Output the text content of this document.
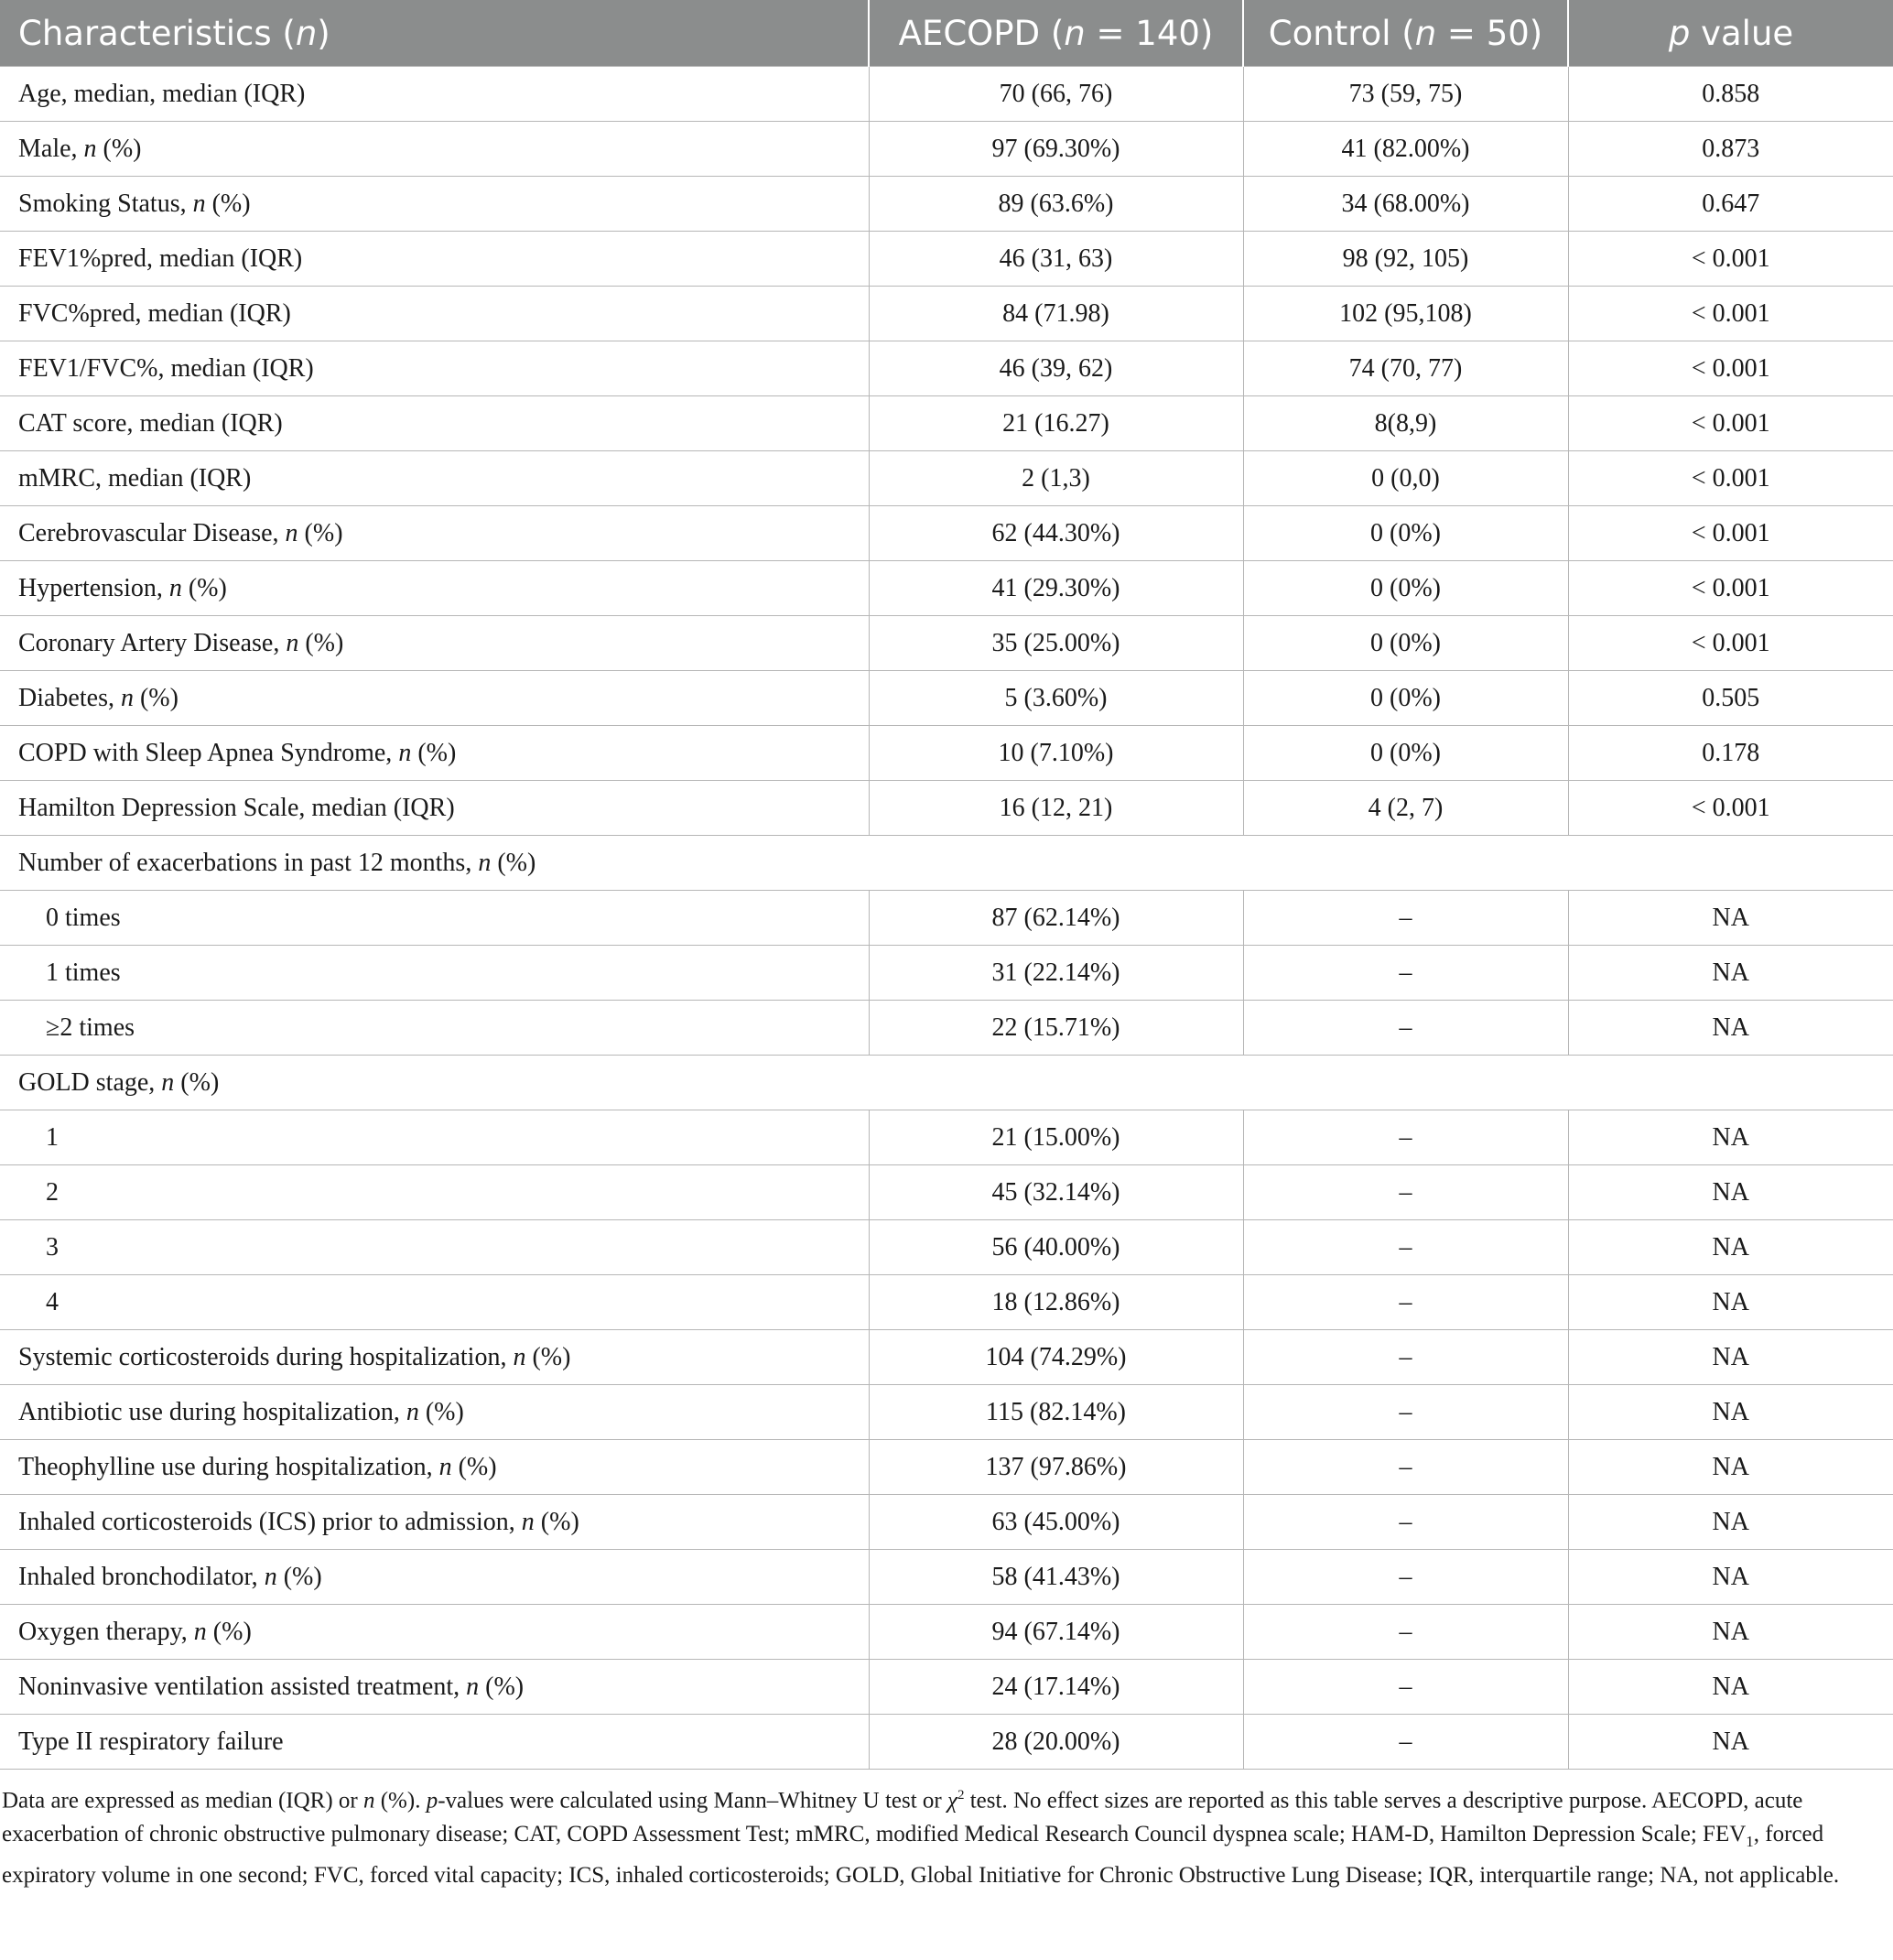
Characteristics (n)	AECOPD (n = 140)	Control (n = 50)	p value
Age, median, median (IQR)	70 (66, 76)	73 (59, 75)	0.858
Male, n (%)	97 (69.30%)	41 (82.00%)	0.873
Smoking Status, n (%)	89 (63.6%)	34 (68.00%)	0.647
FEV1%pred, median (IQR)	46 (31, 63)	98 (92, 105)	< 0.001
FVC%pred, median (IQR)	84 (71.98)	102 (95,108)	< 0.001
FEV1/FVC%, median (IQR)	46 (39, 62)	74 (70, 77)	< 0.001
CAT score, median (IQR)	21 (16.27)	8(8,9)	< 0.001
mMRC, median (IQR)	2 (1,3)	0 (0,0)	< 0.001
Cerebrovascular Disease, n (%)	62 (44.30%)	0 (0%)	< 0.001
Hypertension, n (%)	41 (29.30%)	0 (0%)	< 0.001
Coronary Artery Disease, n (%)	35 (25.00%)	0 (0%)	< 0.001
Diabetes, n (%)	5 (3.60%)	0 (0%)	0.505
COPD with Sleep Apnea Syndrome, n (%)	10 (7.10%)	0 (0%)	0.178
Hamilton Depression Scale, median (IQR)	16 (12, 21)	4 (2, 7)	< 0.001
Number of exacerbations in past 12 months, n (%)			
0 times	87 (62.14%)	–	NA
1 times	31 (22.14%)	–	NA
≥2 times	22 (15.71%)	–	NA
GOLD stage, n (%)			
1	21 (15.00%)	–	NA
2	45 (32.14%)	–	NA
3	56 (40.00%)	–	NA
4	18 (12.86%)	–	NA
Systemic corticosteroids during hospitalization, n (%)	104 (74.29%)	–	NA
Antibiotic use during hospitalization, n (%)	115 (82.14%)	–	NA
Theophylline use during hospitalization, n (%)	137 (97.86%)	–	NA
Inhaled corticosteroids (ICS) prior to admission, n (%)	63 (45.00%)	–	NA
Inhaled bronchodilator, n (%)	58 (41.43%)	–	NA
Oxygen therapy, n (%)	94 (67.14%)	–	NA
Noninvasive ventilation assisted treatment, n (%)	24 (17.14%)	–	NA
Type II respiratory failure	28 (20.00%)	–	NA
Data are expressed as median (IQR) or n (%). p-values were calculated using Mann–Whitney U test or $\chi^2$ test. No effect sizes are reported as this table serves a descriptive purpose. AECOPD, acute exacerbation of chronic obstructive pulmonary disease; CAT, COPD Assessment Test; mMRC, modified Medical Research Council dyspnea scale; HAM-D, Hamilton Depression Scale; $FEV_1$, forced expiratory volume in one second; FVC, forced vital capacity; ICS, inhaled corticosteroids; GOLD, Global Initiative for Chronic Obstructive Lung Disease; IQR, interquartile range; NA, not applicable.
